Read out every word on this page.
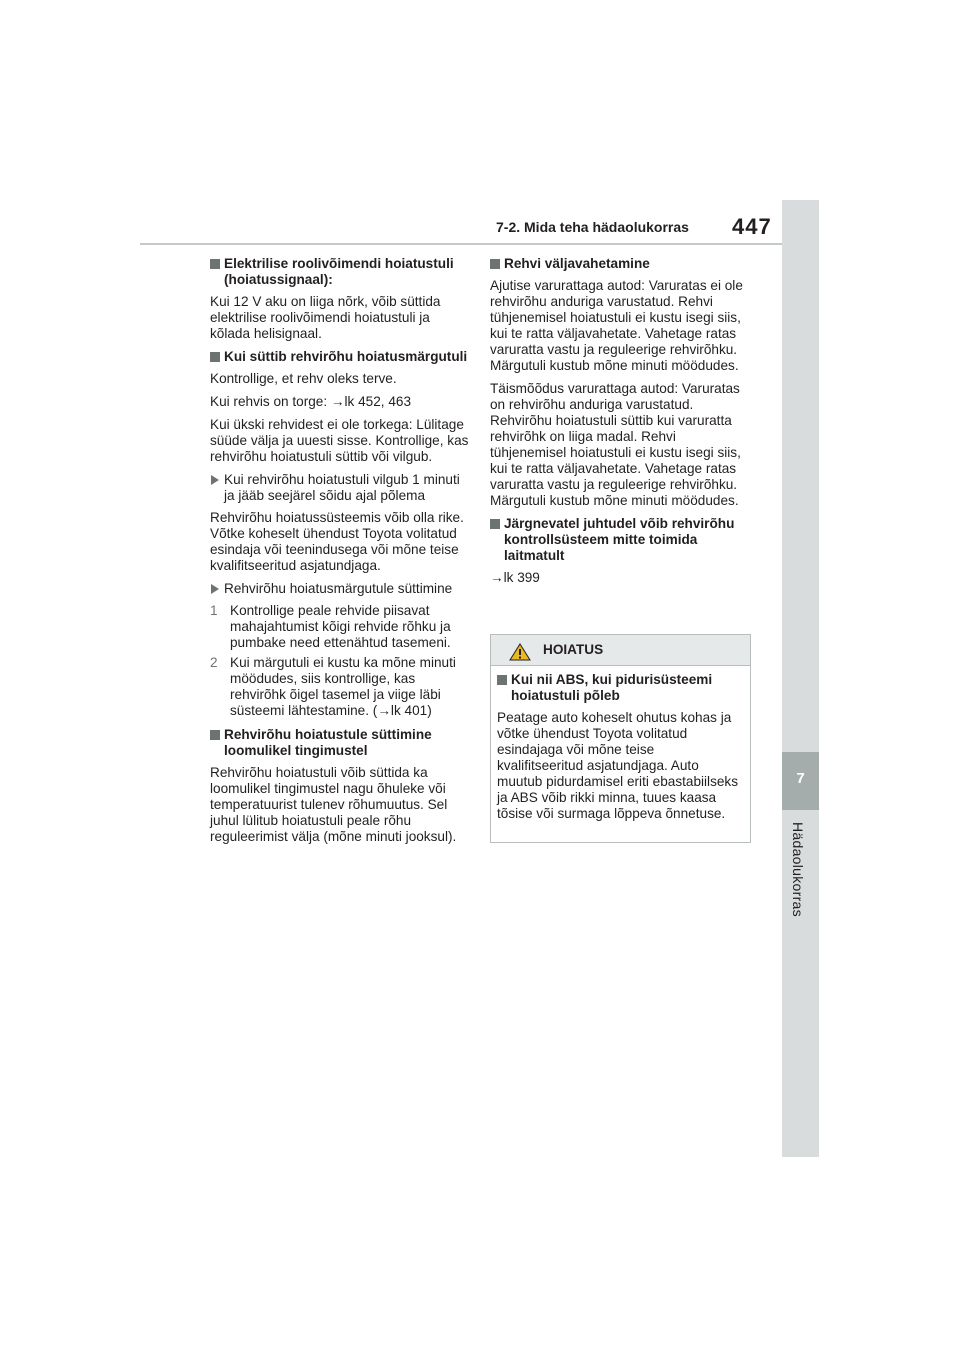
7-2. Mida teha hädaolukorras 447
7
Hädaolukorras
Elektrilise roolivõimendi hoiatustuli (hoiatussignaal):
Kui 12 V aku on liiga nõrk, võib süttida elektrilise roolivõimendi hoiatustuli ja kõlada helisignaal.
Kui süttib rehvirõhu hoiatusmärgutuli
Kontrollige, et rehv oleks terve.
Kui rehvis on torge: →lk 452, 463
Kui ükski rehvidest ei ole torkega: Lülitage süüde välja ja uuesti sisse. Kontrollige, kas rehvirõhu hoiatustuli süttib või vilgub.
Kui rehvirõhu hoiatustuli vilgub 1 minuti ja jääb seejärel sõidu ajal põlema
Rehvirõhu hoiatussüsteemis võib olla rike. Võtke koheselt ühendust Toyota volitatud esindaja või teenindusega või mõne teise kvalifitseeritud asjatundjaga.
Rehvirõhu hoiatusmärgutule süttimine
1 Kontrollige peale rehvide piisavat mahajahtumist kõigi rehvide rõhku ja pumbake need ettenähtud tasemeni.
2 Kui märgutuli ei kustu ka mõne minuti möödudes, siis kontrollige, kas rehvirõhk õigel tasemel ja viige läbi süsteemi lähtestamine. (→lk 401)
Rehvirõhu hoiatustule süttimine loomulikel tingimustel
Rehvirõhu hoiatustuli võib süttida ka loomulikel tingimustel nagu õhuleke või temperatuurist tulenev rõhumuutus. Sel juhul lülitub hoiatustuli peale rõhu reguleerimist välja (mõne minuti jooksul).
Rehvi väljavahetamine
Ajutise varurattaga autod: Varuratas ei ole rehvirõhu anduriga varustatud. Rehvi tühjenemisel hoiatustuli ei kustu isegi siis, kui te ratta väljavahetate. Vahetage ratas varuratta vastu ja reguleerige rehvirõhku. Märgutuli kustub mõne minuti möödudes.
Täismõõdus varurattaga autod: Varuratas on rehvirõhu anduriga varustatud. Rehvirõhu hoiatustuli süttib kui varuratta rehvirõhk on liiga madal. Rehvi tühjenemisel hoiatustuli ei kustu isegi siis, kui te ratta väljavahetate. Vahetage ratas varuratta vastu ja reguleerige rehvirõhku. Märgutuli kustub mõne minuti möödudes.
Järgnevatel juhtudel võib rehvirõhu kontrollsüsteem mitte toimida laitmatult
→lk 399
HOIATUS
Kui nii ABS, kui pidurisüsteemi hoiatustuli põleb
Peatage auto koheselt ohutus kohas ja võtke ühendust Toyota volitatud esindajaga või mõne teise kvalifitseeritud asjatundjaga. Auto muutub pidurdamisel eriti ebastabiilseks ja ABS võib rikki minna, tuues kaasa tõsise või surmaga lõppeva õnnetuse.
